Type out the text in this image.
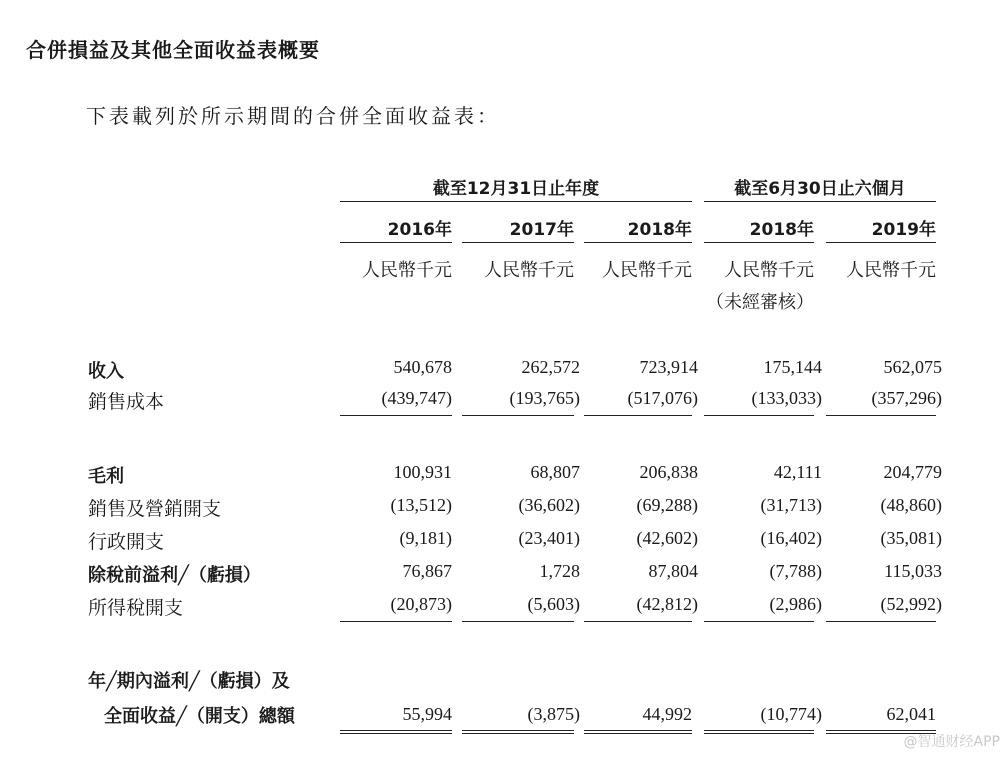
合併損益及其他全面收益表概要
下表載列於所示期間的合併全面收益表：
截至12月31日止年度	截至6月30日止六個月
2016年	2017年	2018年	2018年	2019年
人民幣千元	人民幣千元	人民幣千元	人民幣千元	人民幣千元
（未經審核）
收入	540,678	262,572	723,914	175,144	562,075
銷售成本	(439,747)	(193,765)	(517,076)	(133,033)	(357,296)
毛利	100,931	68,807	206,838	42,111	204,779
銷售及營銷開支	(13,512)	(36,602)	(69,288)	(31,713)	(48,860)
行政開支	(9,181)	(23,401)	(42,602)	(16,402)	(35,081)
除稅前溢利╱（虧損）	76,867	1,728	87,804	(7,788)	115,033
所得稅開支	(20,873)	(5,603)	(42,812)	(2,986)	(52,992)
年╱期內溢利╱（虧損）及
全面收益╱（開支）總額	55,994	(3,875)	44,992	(10,774)	62,041
@智通财经APP
